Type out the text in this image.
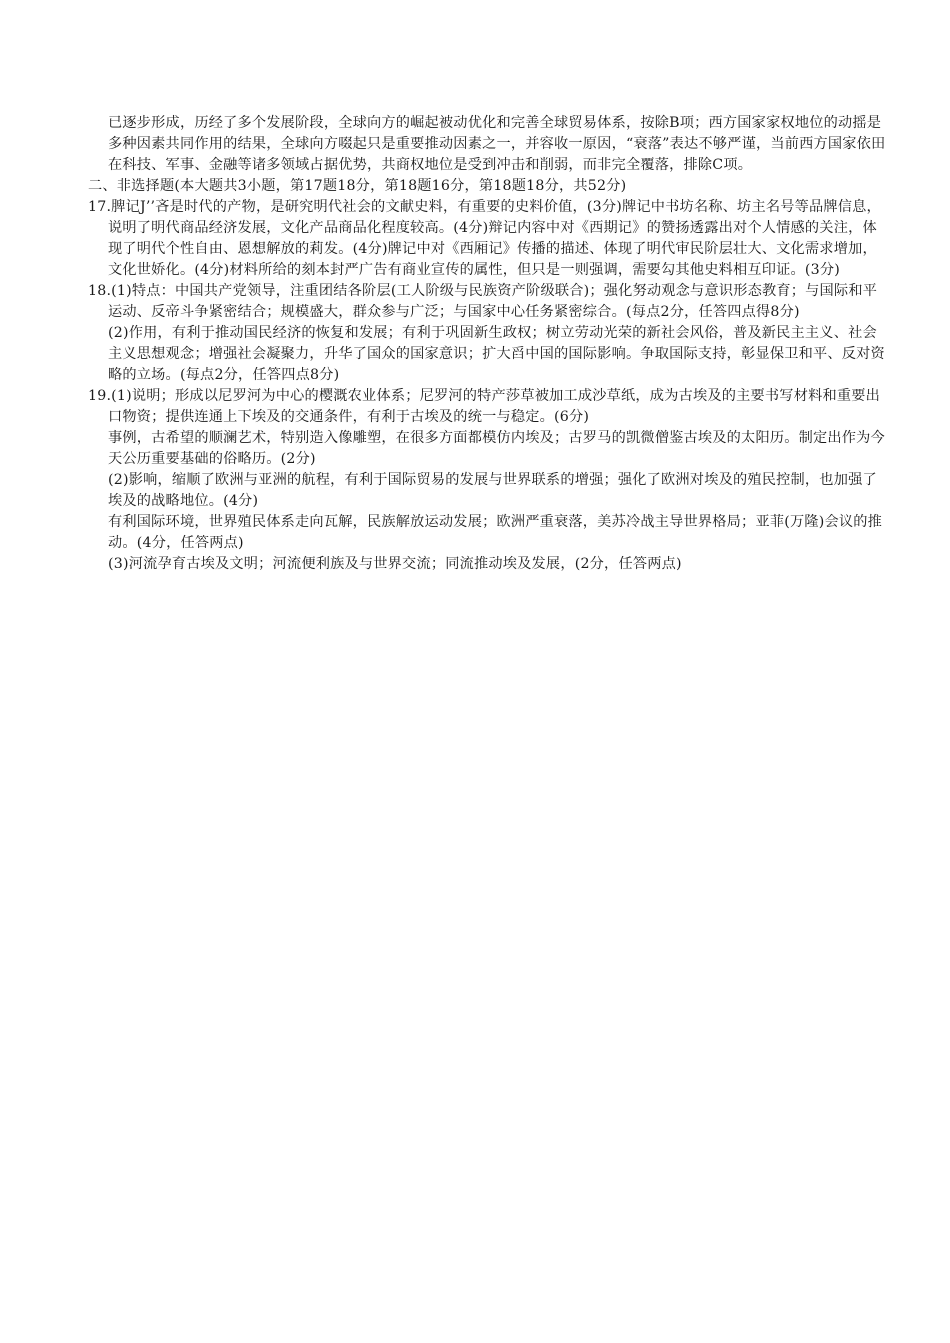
已逐步形成，历经了多个发展阶段，全球向方的崛起被动优化和完善全球贸易体系，按除B项；西方国家家权地位的动摇是多种因素共同作用的结果，全球向方啜起只是重要推动因素之一，并容收一原因，“衰落”表达不够严谨，当前西方国家依田在科技、军事、金融等诸多领域占据优势，共商权地位是受到冲击和削弱，而非完全覆落，排除C项。

二、非选择题(本大题共3小题，第17题18分，第18题16分，第18题18分，共52分)

17.脾记J’’吝是时代的产物，是研究明代社会的文献史料，有重要的史料价值，(3分)牌记中书坊名称、坊主名号等品牌信息，说明了明代商品经济发展，文化产品商品化程度较高。(4分)辩记内容中对《西期记》的赞扬透露出对个人情感的关注，体现了明代个性自由、恩想解放的莉发。(4分)牌记中对《西厢记》传播的描述、体现了明代审民阶层壮大、文化需求增加，文化世娇化。(4分)材料所给的刻本封严广告有商业宣传的属性，但只是一则强调，需要勾其他史料相互印证。(3分)

18.(1)特点：中国共产党领导，注重团结各阶层(工人阶级与民族资产阶级联合)；强化努动观念与意识形态教育；与国际和平运动、反帝斗争紧密结合；规模盛大，群众参与广泛；与国家中心任务紧密综合。(每点2分，任答四点得8分)

(2)作用，有利于推动国民经济的恢复和发展；有利于巩固新生政权；树立劳动光荣的新社会风俗，普及新民主主义、社会主义思想观念；增强社会凝聚力，升华了国众的国家意识；扩大舀中国的国际影响。争取国际支持，彰显保卫和平、反对资略的立场。(每点2分，任答四点8分)

19.(1)说明；形成以尼罗河为中心的樱溉农业体系；尼罗河的特产莎草被加工成沙草纸，成为古埃及的主要书写材料和重要出口物资；提供连通上下埃及的交通条件，有利于古埃及的统一与稳定。(6分)

事例，古希望的顺澜艺术，特别造入像雕塑，在很多方面都模仿内埃及；古罗马的凯微僧鉴古埃及的太阳历。制定出作为今天公历重要基础的俗略历。(2分)

(2)影响，缩顺了欧洲与亚洲的航程，有利于国际贸易的发展与世界联系的增强；强化了欧洲对埃及的殖民控制，也加强了埃及的战略地位。(4分)

有利国际环境，世界殖民体系走向瓦解，民族解放运动发展；欧洲严重衰落，美苏冷战主导世界格局；亚菲(万隆)会议的推动。(4分，任答两点)

(3)河流孕育古埃及文明；河流便利族及与世界交流；同流推动埃及发展，(2分，任答两点)
